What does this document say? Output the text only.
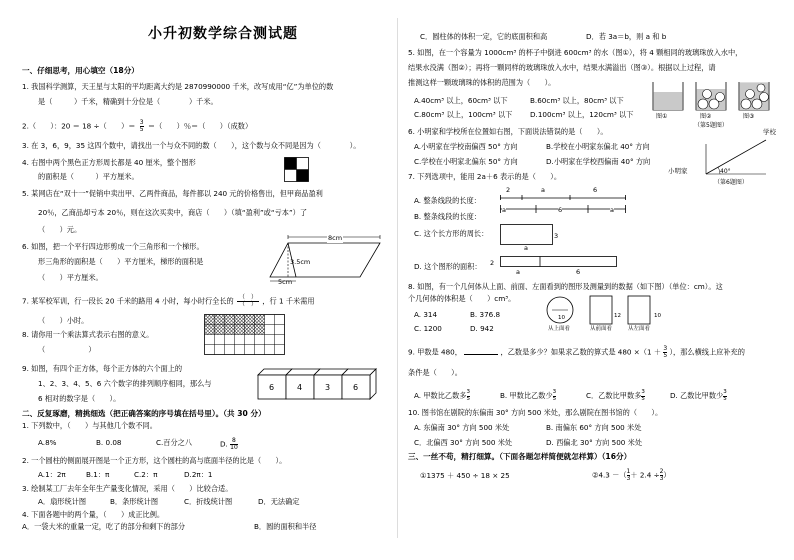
小升初数学综合测试题
一、仔细思考，用心填空（18分）
1. 我国科学测算，天王星与太阳的平均距离大约是 2870990000 千米，改写成用“亿”为单位的数
是（　　　）千米，精确到十分位是（　　　　）千米。
2.（　　）：20 ＝ 18 ÷（　　）＝ $\frac{3}{5}$ ＝（　　）％＝（　　）（成数）
3. 在 3，6，9，35 这四个数中，请找出一个与众不同的数（　　），这个数与众不同是因为（　　　　）。
4. 右图中两个黑色正方形周长都是 40 厘米，整个图形
的面积是（　　　）平方厘米。
5. 某网店在“双十一”促销中卖出甲、乙两件商品，每件都以 240 元的价格售出，但甲商品盈利
20％，乙商品却亏本 20％，则在这次买卖中，商店（　　）（填“盈利”或“亏本”）了
（　　）元。
6. 如图，把一个平行四边形剪成一个三角形和一个梯形。
形三角形的面积是（　　）平方厘米，梯形的面积是
（　　）平方厘米。
8cm
3.5cm
5cm
7. 某军校军训，行一段长 20 千米的路用 4 小时，每小时行全长的 （　）
（　） ，行 1 千米需用
（　　）小时。
8. 请你用一个乘法算式表示右图的意义。
（　　　　　　）
9. 如图，有四个正方体，每个正方体的六个面上的
1、2、3、4、5、6 六个数字的排列顺序相同，那么与
6 相对的数字是（　　）。
6	4	3	6
二、反复琢磨，精挑细选（把正确答案的序号填在括号里）。（共 30 分）
1. 下列数中，（　　）与其他几个数不同。
A.8%	B. 0.08	C.百分之八	D. $\frac{8}{10}$
2. 一个圆柱的侧面展开图是一个正方形，这个圆柱的高与底面半径的比是（　　）。
A.1：2π	B.1：π	C.2：π	D.2π：1
3. 绘制某工厂去年全年生产量变化情况，采用（　　）比较合适。
A．扇形统计图	B．条形统计图	C．折线统计图	D．无法确定
4. 下面各题中的两个量，（　　）成正比例。
A．一袋大米的重量一定，吃了的部分和剩下的部分	B．圆的面积和半径
C．圆柱体的体积一定，它的底面积和高	D．若 3a＝b，则 a 和 b
5. 如图，在一个容量为 1000cm³ 的杯子中倒进 600cm³ 的水（图①），将 4 颗相同的玻璃珠放入水中，
结果水没满（图②）；再将一颗同样的玻璃珠放入水中，结果水满溢出（图③）。根据以上过程，请
推测这样一颗玻璃珠的体积的范围为（　　）。
A.40cm³ 以上，60cm³ 以下	B.60cm³ 以上，80cm³ 以下
C.80cm³ 以上，100cm³ 以下 D.100cm³ 以上，120cm³ 以下	图①	图②	图③
（第5题图）
6. 小明家和学校所在位置如右图，下面说法错误的是（　　）。
A.小明家在学校南偏西 50° 方向	B.学校在小明家东偏北 40° 方向
C.学校在小明家北偏东 50° 方向	D.小明家在学校西偏南 40° 方向
学校
小明家	40°
（第6题图）
7. 下列选项中，能用 2a＋6 表示的是（　　）。
A. 整条线段的长度：
2	a	6
B. 整条线段的长度：
a	6	a
C. 这个长方形的周长：
a
3
D. 这个图形的面积： 2
a	6
8. 如图，有一个几何体从上面、前面、左面看到的图形及测量到的数据（如下图）（单位：cm）。这
个几何体的体积是（　　）cm³。
A. 314	B. 376.8
C. 1200	D. 942
10	12	10
从上面看	从前面看	从左面看
9. 甲数是 480，	，乙数是多少？如果求乙数的算式是 $480 \times(1 + \frac{3}{5}$ ），那么横线上应补充的
条件是（　　）。
A. 甲数比乙数多 $\frac{3}{5}$	B. 甲数比乙数少 $\frac{3}{5}$	C．乙数比甲数多 $\frac{3}{5}$	D. 乙数比甲数少 $\frac{3}{5}$
10. 图书馆在剧院的东偏南 30° 方向 500 米处，那么剧院在图书馆的（　　）。
A. 东偏南 30° 方向 500 米处	B. 南偏东 60° 方向 500 米处
C．北偏西 30° 方向 500 米处	D. 西偏北 30° 方向 500 米处
三、一丝不苟，精打细算。（下面各题怎样简便就怎样算）（16分）
①1375 ＋ 450 ÷ 18 × 25	②4.3 －（ $\frac{1}{3} + 2.4 \div \frac{2}{3}$ ）
